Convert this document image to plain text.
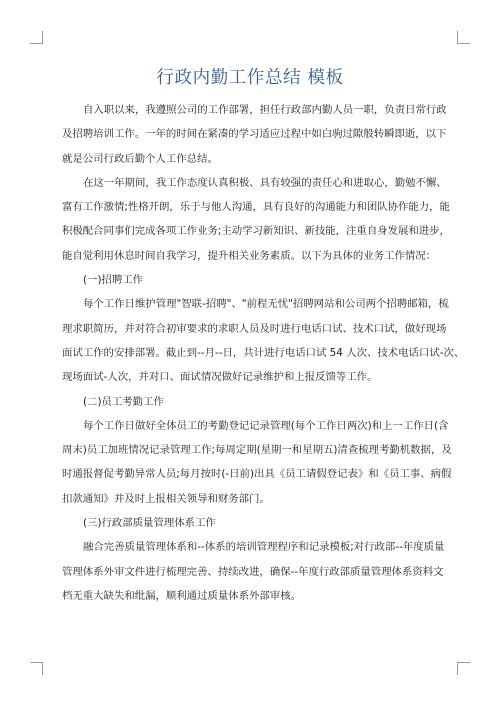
行政内勤工作总结 模板

自入职以来，我遵照公司的工作部署，担任行政部内勤人员一职，负责日常行政
及招聘培训工作。一年的时间在紧凑的学习适应过程中如白驹过隙般转瞬即逝，以下
就是公司行政后勤个人工作总结。

在这一年期间，我工作态度认真积极、具有较强的责任心和进取心，勤勉不懈、
富有工作激情;性格开朗，乐于与他人沟通，具有良好的沟通能力和团队协作能力，能
积极配合同事们完成各项工作业务;主动学习新知识、新技能，注重自身发展和进步，
能自觉利用休息时间自我学习，提升相关业务素质。以下为具体的业务工作情况：

(一)招聘工作

每个工作日维护管理"智联-招聘"、"前程无忧"招聘网站和公司两个招聘邮箱，梳
理求职简历，并对符合初审要求的求职人员及时进行电话口试、技术口试，做好现场
面试工作的安排部署。截止到--月--日，共计进行电话口试 54 人次、技术电话口试-次、
现场面试-人次，并对口、面试情况做好记录维护和上报反馈等工作。

(二)员工考勤工作

每个工作日做好全体员工的考勤登记记录管理(每个工作日两次)和上一工作日(含
周末)员工加班情况记录管理工作;每周定期(星期一和星期五)清查梳理考勤机数据，及
时通报督促考勤异常人员;每月按时(-日前)出具《员工请假登记表》和《员工事、病假
扣款通知》并及时上报相关领导和财务部门。

(三)行政部质量管理体系工作

融合完善质量管理体系和--体系的培训管理程序和记录模板;对行政部--年度质量
管理体系外审文件进行梳理完善、持续改进，确保--年度行政部质量管理体系资料文
档无重大缺失和纰漏，顺利通过质量体系外部审核。
